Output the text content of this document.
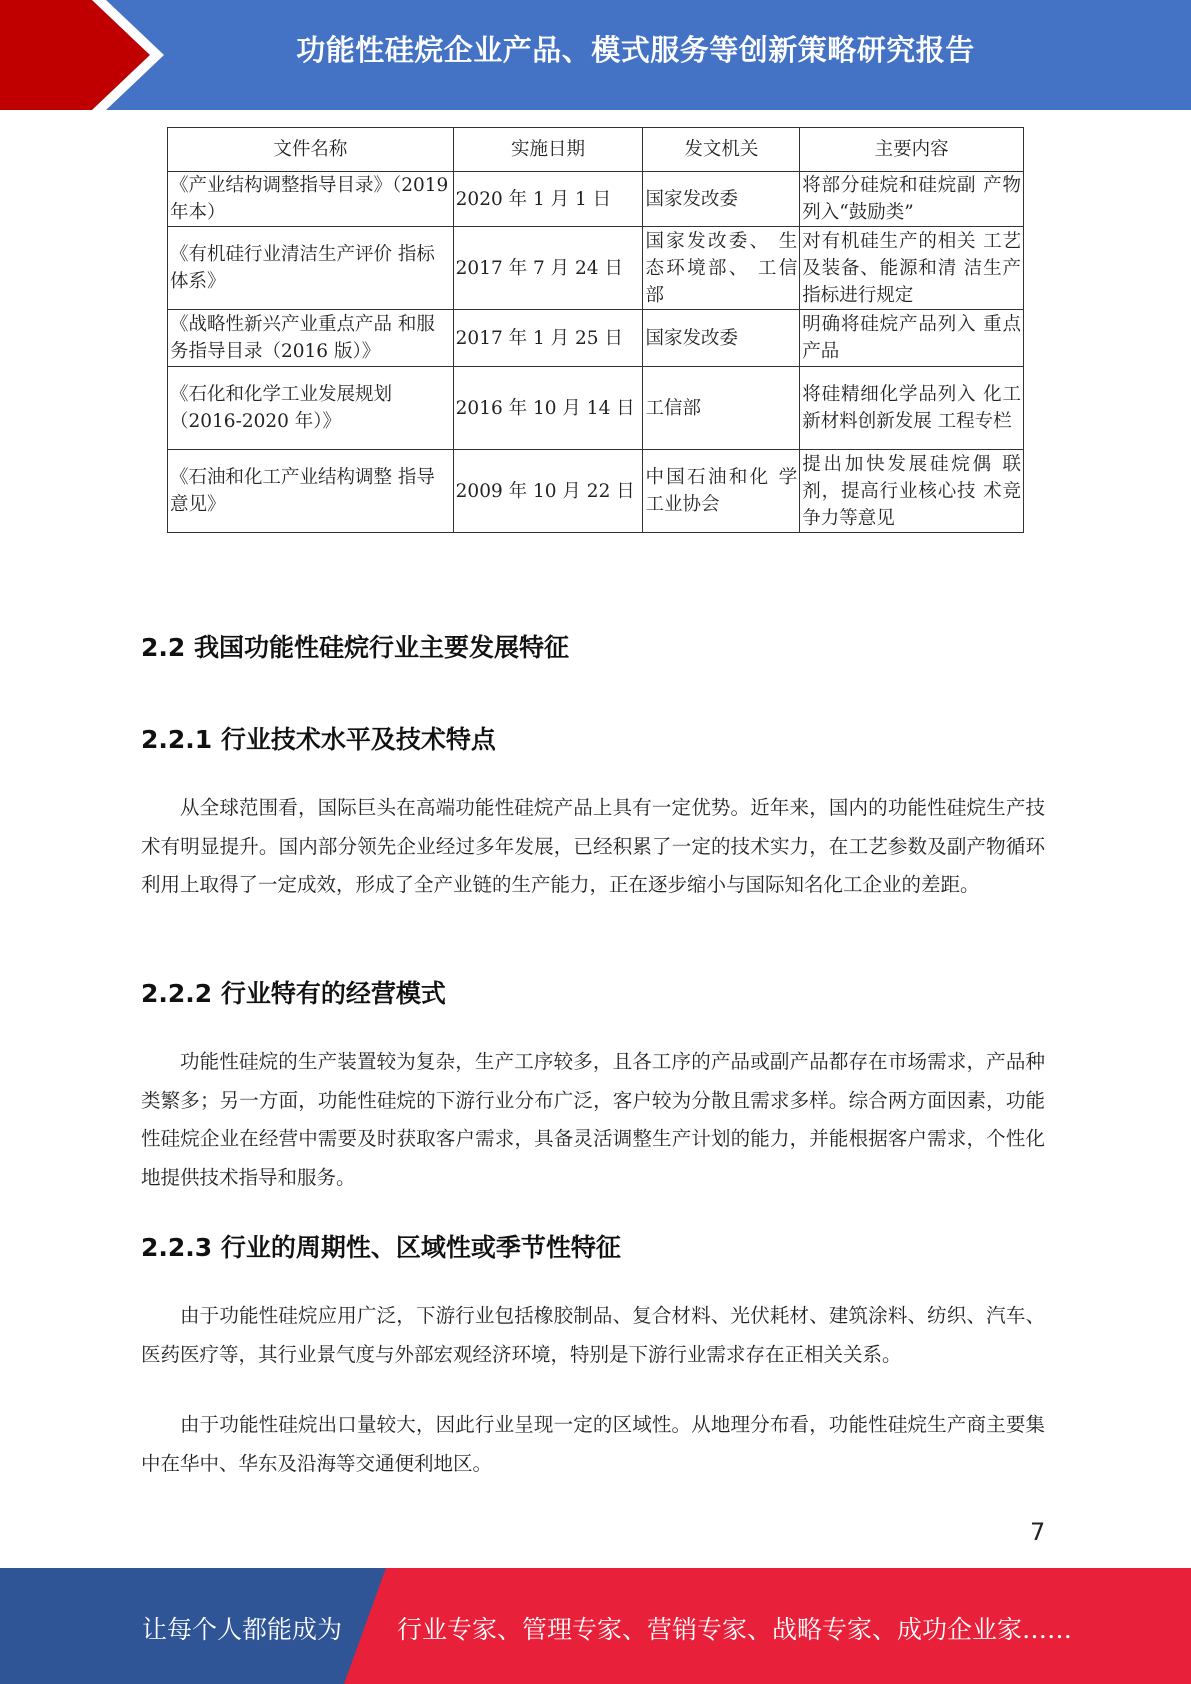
功能性硅烷企业产品、模式服务等创新策略研究报告
文件名称	实施日期	发文机关	主要内容
《产业结构调整指导目录》（2019 年本）	2020 年 1 月 1 日	国家发改委	将部分硅烷和硅烷副 产物列入“鼓励类”
《有机硅行业清洁生产评价 指标体系》	2017 年 7 月 24 日	国家发改委、 生态环境部、 工信部	对有机硅生产的相关 工艺及装备、能源和清 洁生产指标进行规定
《战略性新兴产业重点产品 和服务指导目录（2016 版）》	2017 年 1 月 25 日	国家发改委	明确将硅烷产品列入 重点产品
《石化和化学工业发展规划（2016-2020 年）》	2016 年 10 月 14 日	工信部	将硅精细化学品列入 化工新材料创新发展 工程专栏
《石油和化工产业结构调整 指导意见》	2009 年 10 月 22 日	中国石油和化 学工业协会	提出加快发展硅烷偶 联剂，提高行业核心技 术竞争力等意见
2.2 我国功能性硅烷行业主要发展特征
2.2.1 行业技术水平及技术特点

从全球范围看，国际巨头在高端功能性硅烷产品上具有一定优势。近年来，国内的功能性硅烷生产技术有明显提升。国内部分领先企业经过多年发展，已经积累了一定的技术实力，在工艺参数及副产物循环利用上取得了一定成效，形成了全产业链的生产能力，正在逐步缩小与国际知名化工企业的差距。

2.2.2 行业特有的经营模式

功能性硅烷的生产装置较为复杂，生产工序较多，且各工序的产品或副产品都存在市场需求，产品种类繁多；另一方面，功能性硅烷的下游行业分布广泛，客户较为分散且需求多样。综合两方面因素，功能性硅烷企业在经营中需要及时获取客户需求，具备灵活调整生产计划的能力，并能根据客户需求，个性化地提供技术指导和服务。

2.2.3 行业的周期性、区域性或季节性特征

由于功能性硅烷应用广泛，下游行业包括橡胶制品、复合材料、光伏耗材、建筑涂料、纺织、汽车、医药医疗等，其行业景气度与外部宏观经济环境，特别是下游行业需求存在正相关关系。

由于功能性硅烷出口量较大，因此行业呈现一定的区域性。从地理分布看，功能性硅烷生产商主要集中在华中、华东及沿海等交通便利地区。

7
让每个人都能成为 行业专家、管理专家、营销专家、战略专家、成功企业家……
